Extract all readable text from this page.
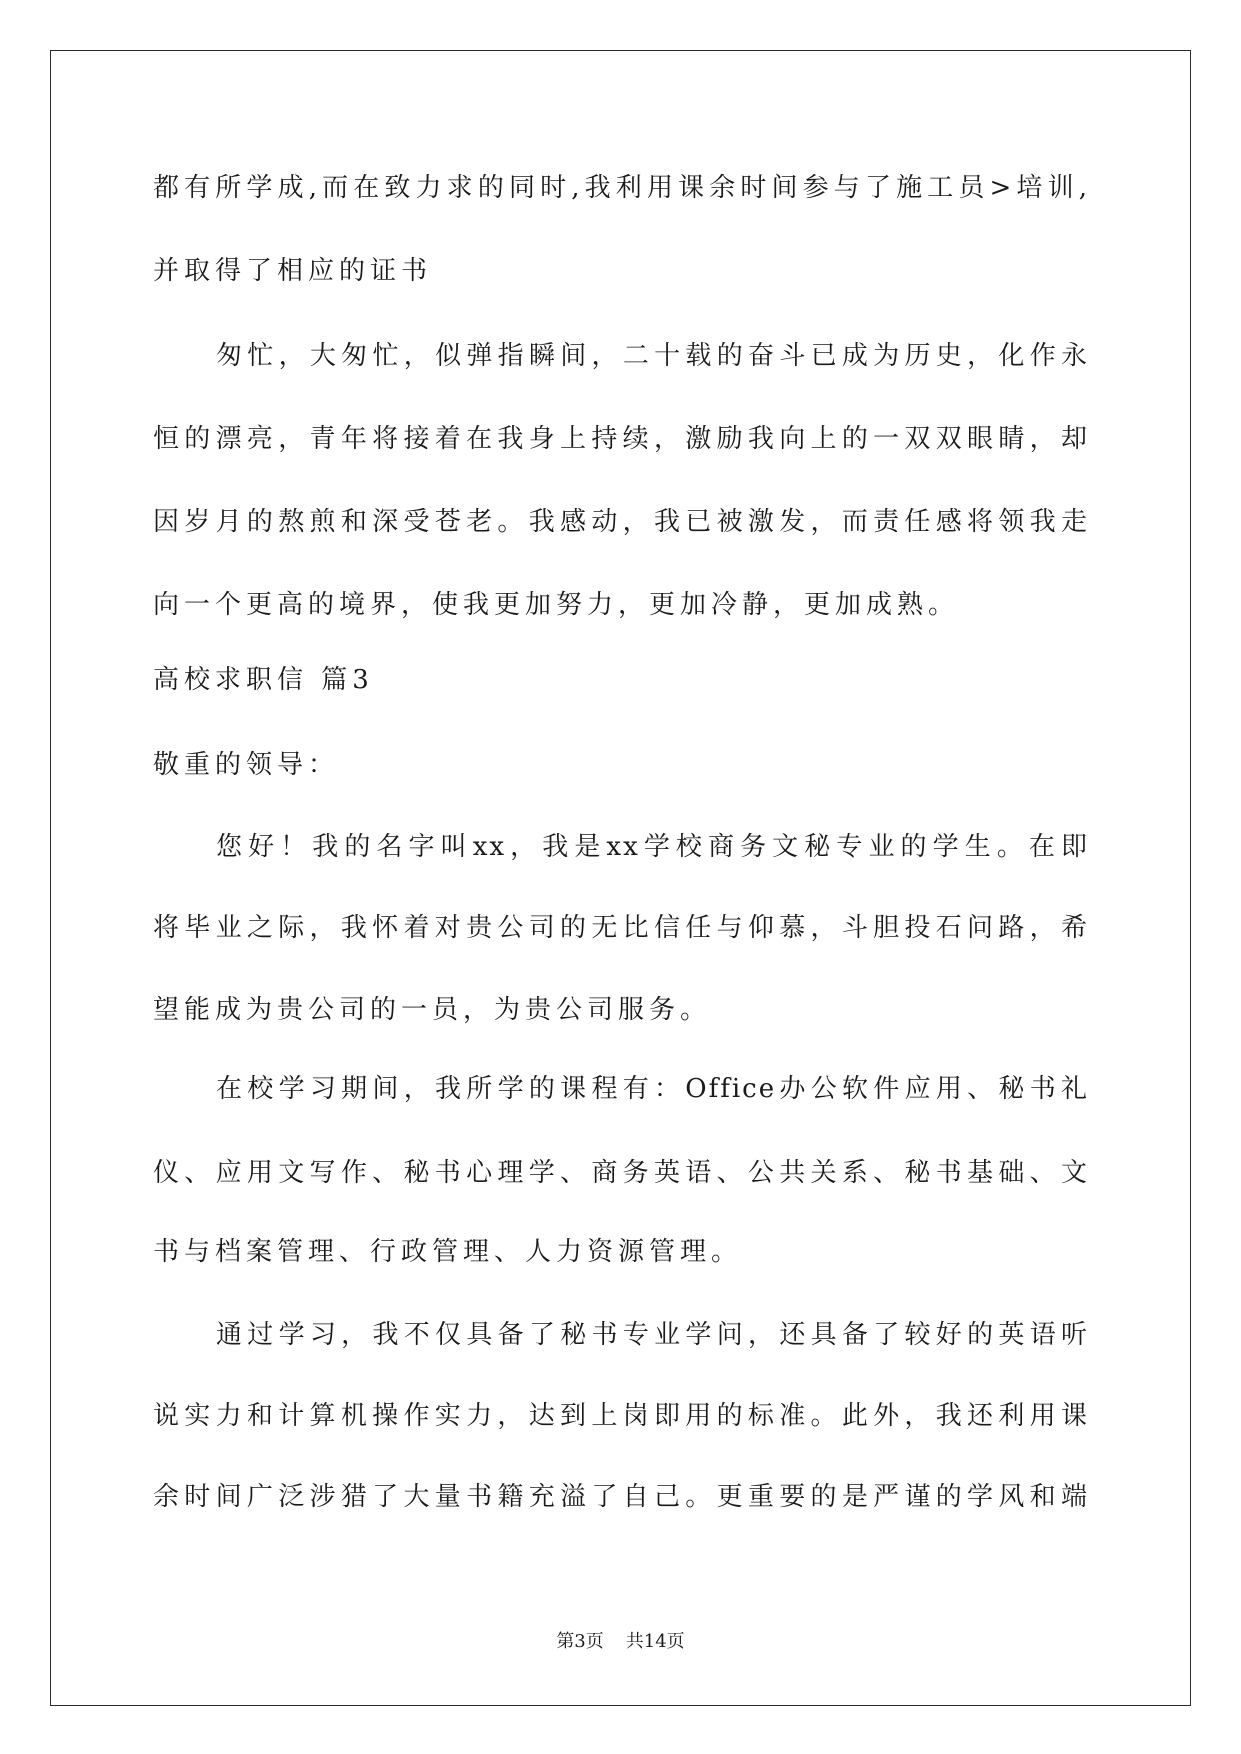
都有所学成,而在致力求的同时,我利用课余时间参与了施工员>培训,
并取得了相应的证书
匆忙，大匆忙，似弹指瞬间，二十载的奋斗已成为历史，化作永
恒的漂亮，青年将接着在我身上持续，激励我向上的一双双眼睛，却
因岁月的熬煎和深受苍老。我感动，我已被激发，而责任感将领我走
向一个更高的境界，使我更加努力，更加冷静，更加成熟。
高校求职信 篇3
敬重的领导：
您好！我的名字叫xx，我是xx学校商务文秘专业的学生。在即
将毕业之际，我怀着对贵公司的无比信任与仰慕，斗胆投石问路，希
望能成为贵公司的一员，为贵公司服务。
在校学习期间，我所学的课程有：Office办公软件应用、秘书礼
仪、应用文写作、秘书心理学、商务英语、公共关系、秘书基础、文
书与档案管理、行政管理、人力资源管理。
通过学习，我不仅具备了秘书专业学问，还具备了较好的英语听
说实力和计算机操作实力，达到上岗即用的标准。此外，我还利用课
余时间广泛涉猎了大量书籍充溢了自己。更重要的是严谨的学风和端
第3页 共14页
